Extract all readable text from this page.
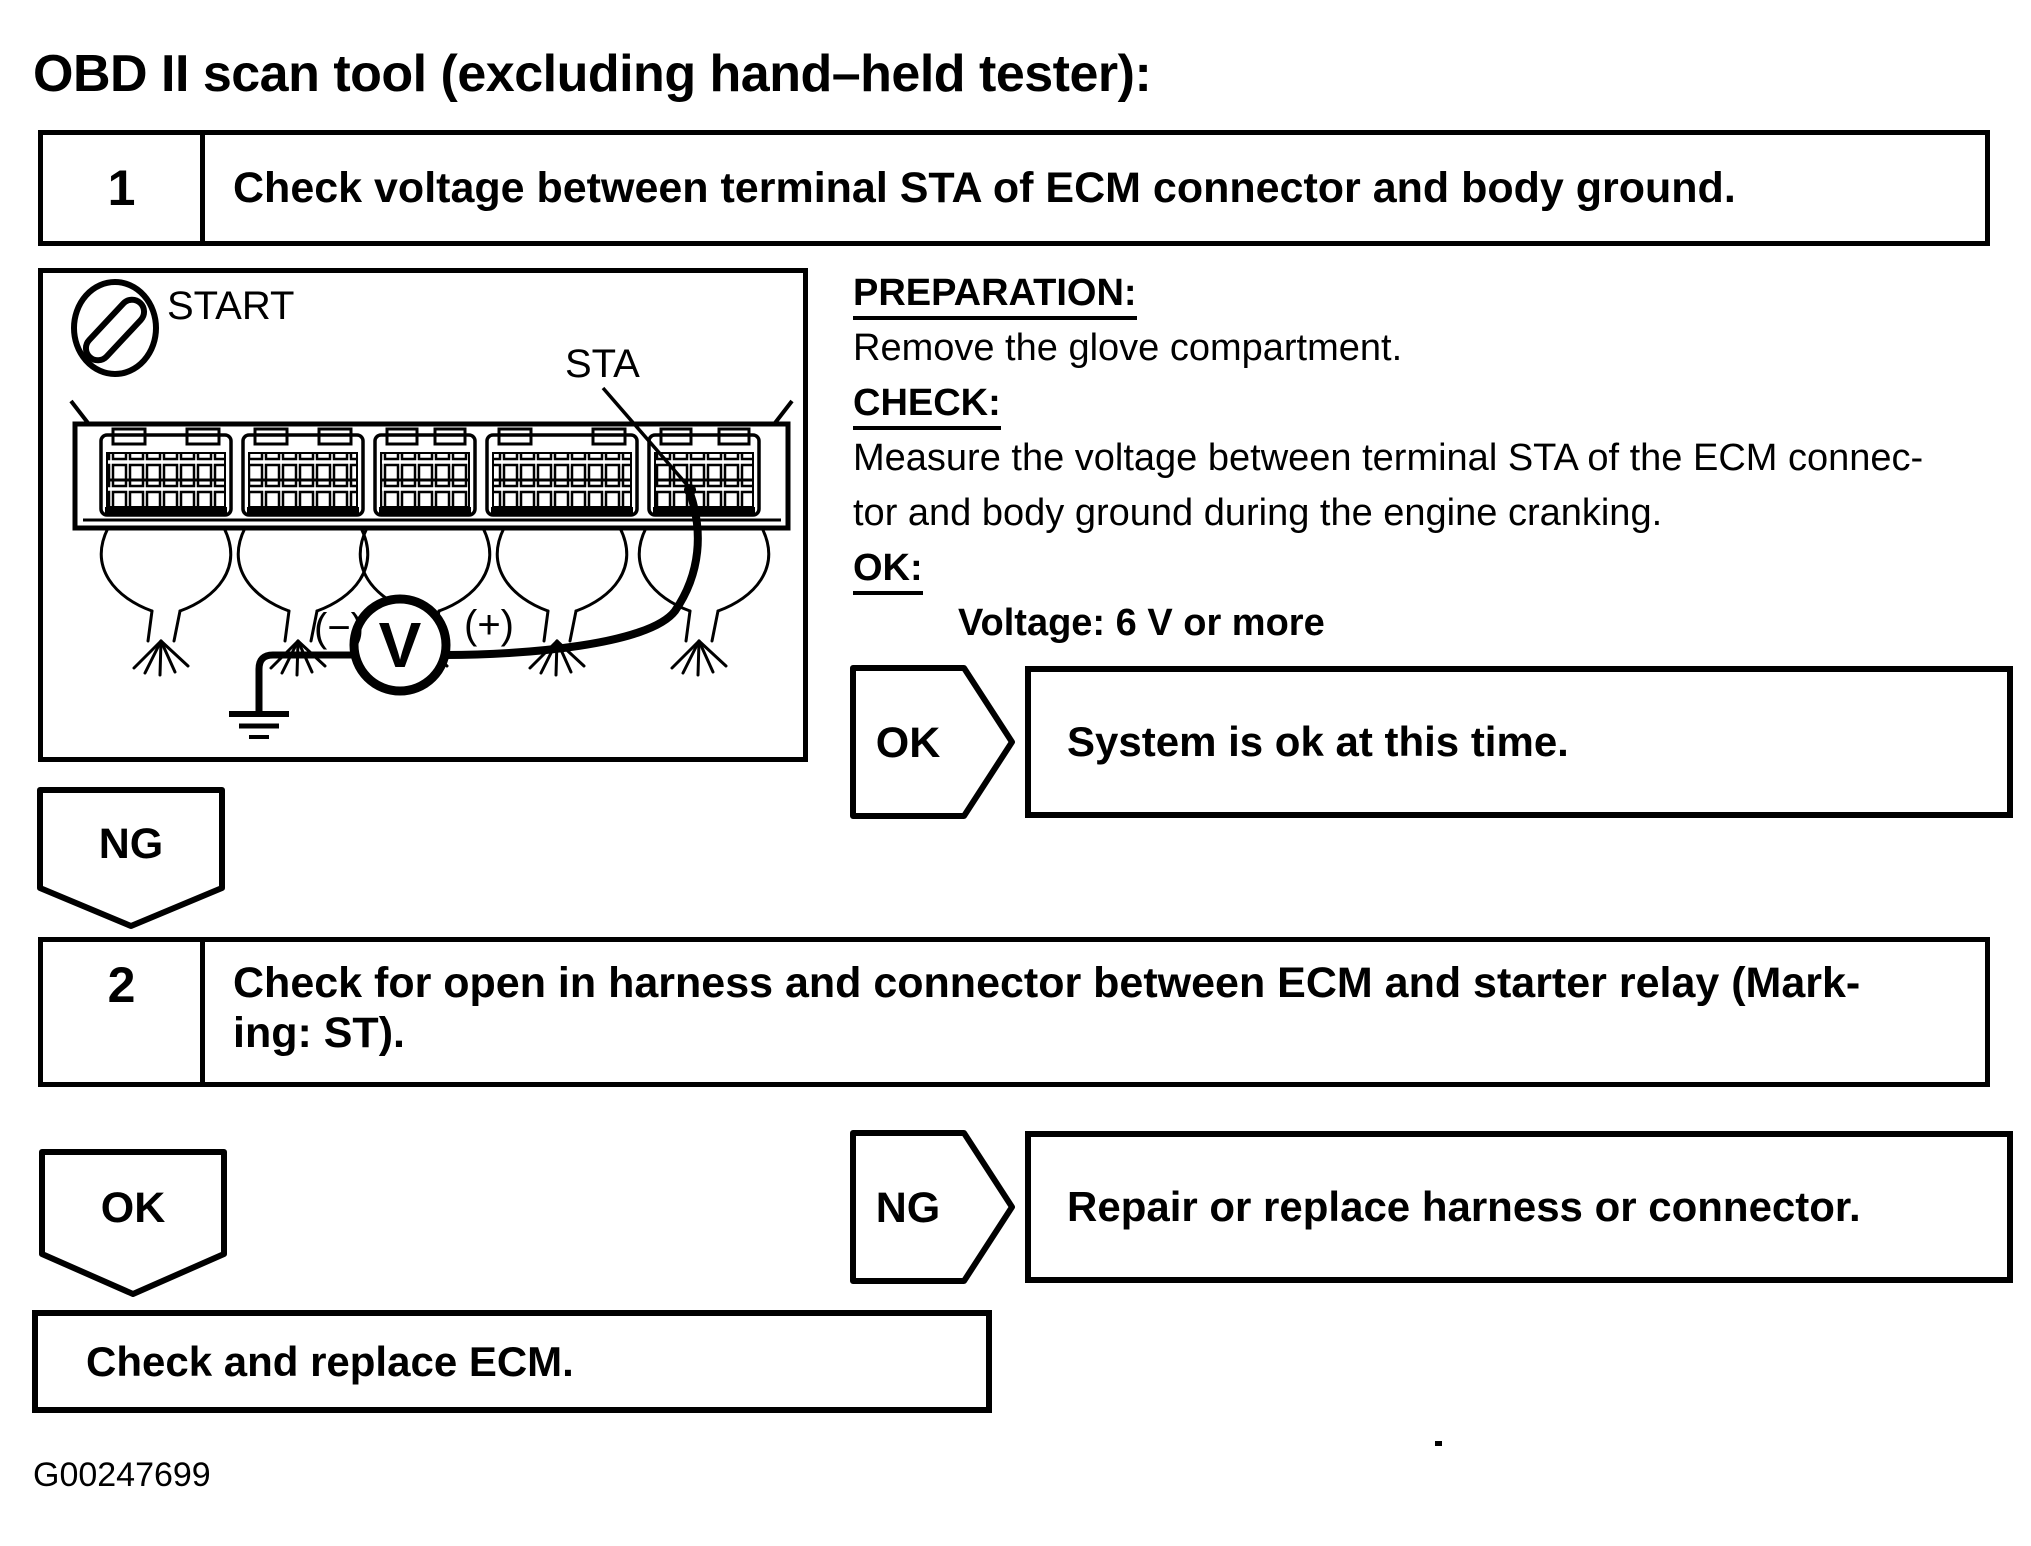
OBD II scan tool (excluding hand–held tester):
1	Check voltage between terminal STA of ECM connector and body ground.
START
STA
V
(−)	(+)
PREPARATION:
Remove the glove compartment.
CHECK:
Measure the voltage between terminal STA of the ECM connec-
tor and body ground during the engine cranking.
OK:
Voltage: 6 V or more
OK	System is ok at this time.
NG
2	Check for open in harness and connector between ECM and starter relay (Mark-
ing: ST).
NG	Repair or replace harness or connector.
OK
Check and replace ECM.
G00247699
